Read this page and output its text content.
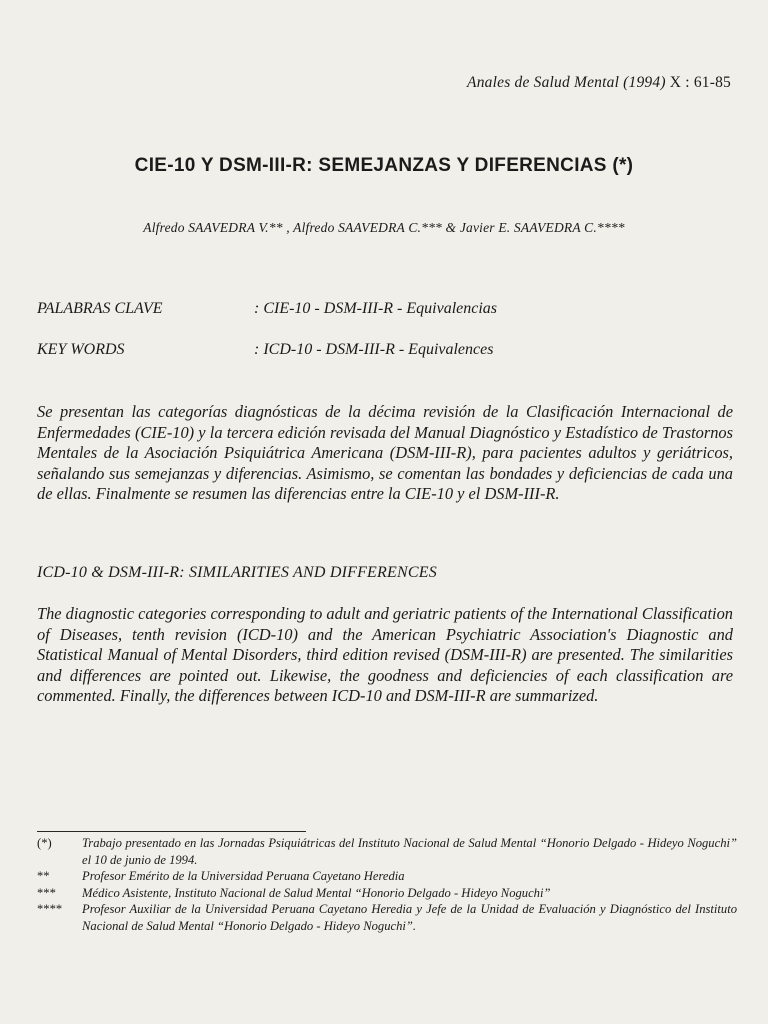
Anales de Salud Mental (1994) X : 61-85
CIE-10 Y DSM-III-R: SEMEJANZAS Y DIFERENCIAS (*)
Alfredo SAAVEDRA V.** , Alfredo SAAVEDRA C.*** & Javier E. SAAVEDRA C.****
PALABRAS CLAVE	: CIE-10 - DSM-III-R - Equivalencias
KEY WORDS	: ICD-10 - DSM-III-R - Equivalences

Se presentan las categorías diagnósticas de la décima revisión de la Clasificación Internacional de Enfermedades (CIE-10) y la tercera edición revisada del Manual Diagnóstico y Estadístico de Trastornos Mentales de la Asociación Psiquiátrica Americana (DSM-III-R), para pacientes adultos y geriátricos, señalando sus semejanzas y diferencias. Asimismo, se comentan las bondades y deficiencias de cada una de ellas. Finalmente se resumen las diferencias entre la CIE-10 y el DSM-III-R.

ICD-10 & DSM-III-R: SIMILARITIES AND DIFFERENCES

The diagnostic categories corresponding to adult and geriatric patients of the International Classification of Diseases, tenth revision (ICD-10) and the American Psychiatric Association's Diagnostic and Statistical Manual of Mental Disorders, third edition revised (DSM-III-R) are presented. The similarities and differences are pointed out. Likewise, the goodness and deficiencies of each classification are commented. Finally, the differences between ICD-10 and DSM-III-R are summarized.

(*)	Trabajo presentado en las Jornadas Psiquiátricas del Instituto Nacional de Salud Mental “Honorio Delgado - Hideyo Noguchi” el 10 de junio de 1994.
**	Profesor Emérito de la Universidad Peruana Cayetano Heredia
***	Médico Asistente, Instituto Nacional de Salud Mental “Honorio Delgado - Hideyo Noguchi”
****	Profesor Auxiliar de la Universidad Peruana Cayetano Heredia y Jefe de la Unidad de Evaluación y Diagnóstico del Instituto Nacional de Salud Mental “Honorio Delgado - Hideyo Noguchi”.
